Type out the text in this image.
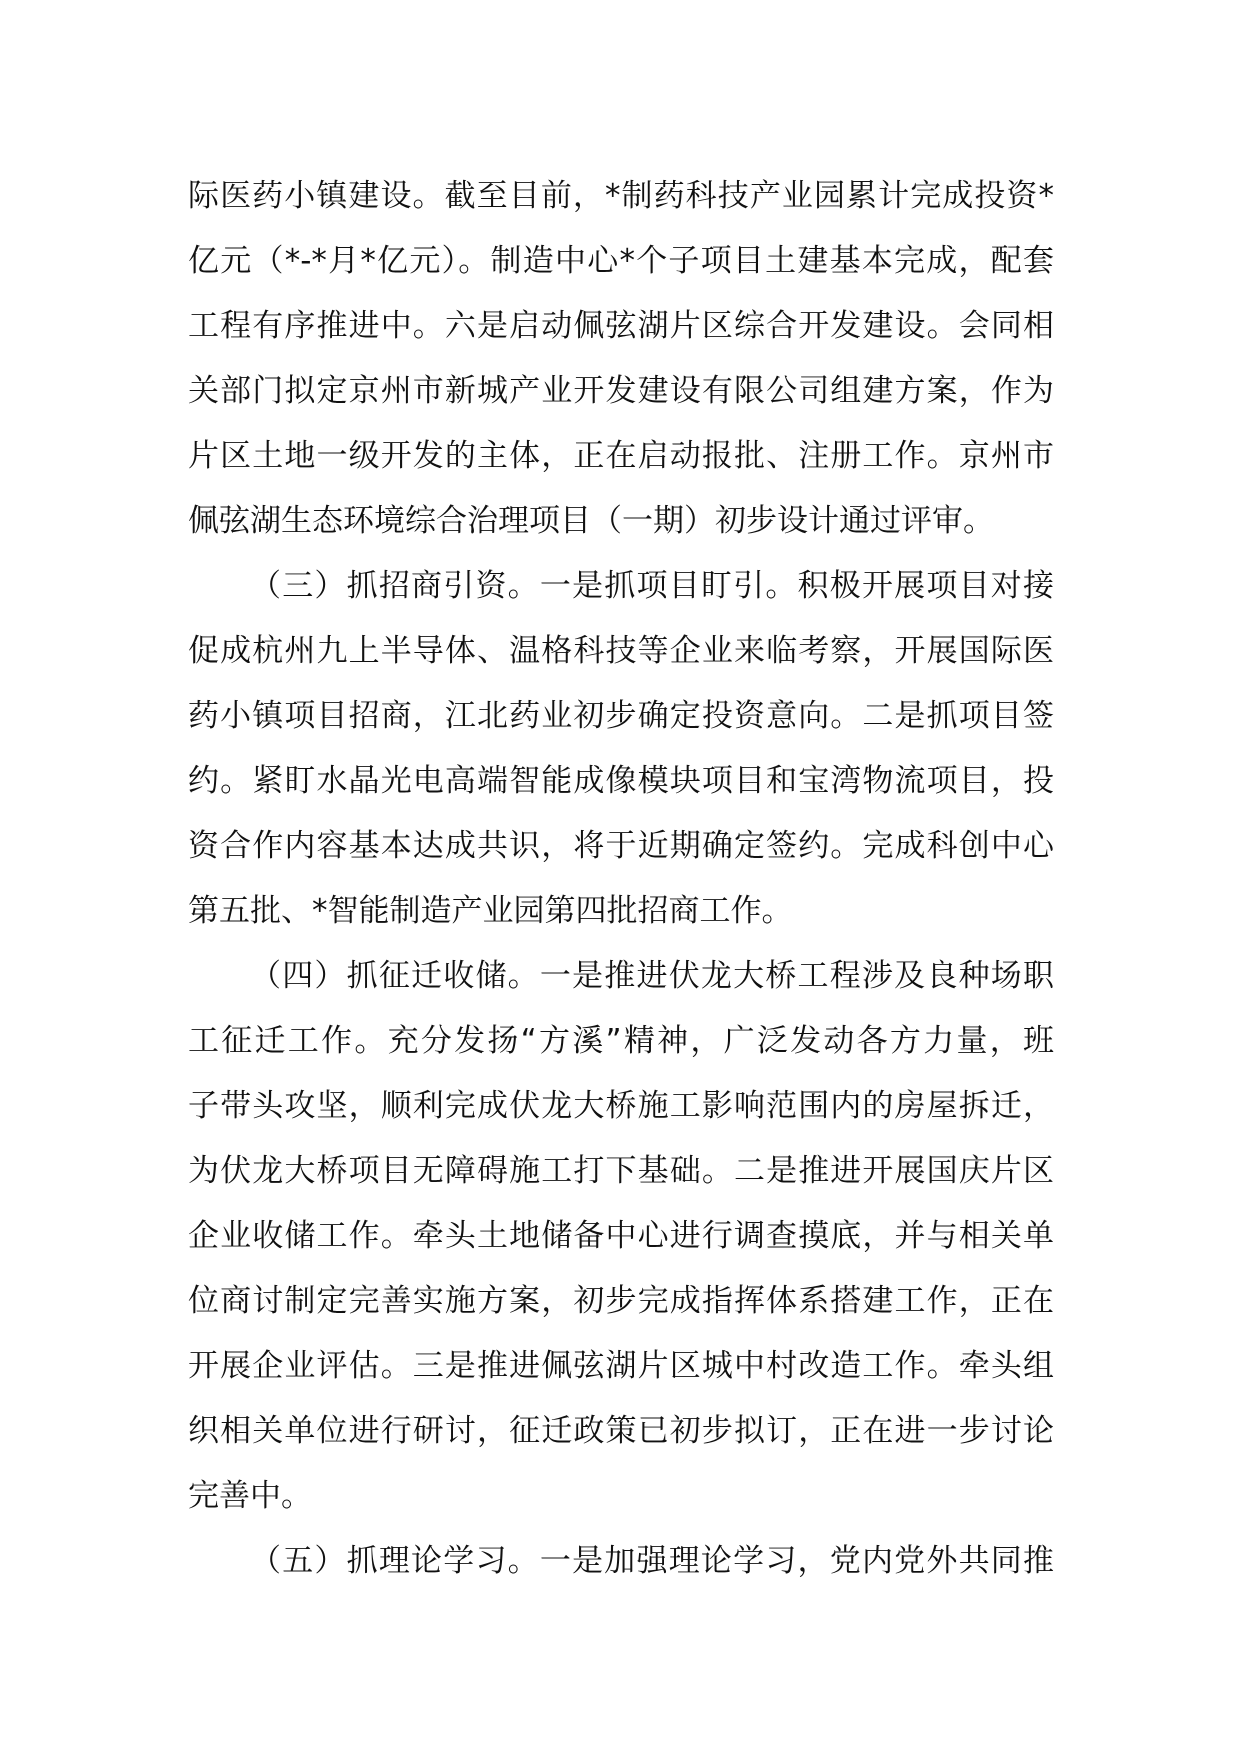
际医药小镇建设。截至目前，*制药科技产业园累计完成投资*
亿元（*-*月*亿元）。制造中心*个子项目土建基本完成，配套
工程有序推进中。六是启动佩弦湖片区综合开发建设。会同相
关部门拟定京州市新城产业开发建设有限公司组建方案，作为
片区土地一级开发的主体，正在启动报批、注册工作。京州市
佩弦湖生态环境综合治理项目（一期）初步设计通过评审。
（三）抓招商引资。一是抓项目盯引。积极开展项目对接
促成杭州九上半导体、温格科技等企业来临考察，开展国际医
药小镇项目招商，江北药业初步确定投资意向。二是抓项目签
约。紧盯水晶光电高端智能成像模块项目和宝湾物流项目，投
资合作内容基本达成共识，将于近期确定签约。完成科创中心
第五批、*智能制造产业园第四批招商工作。
（四）抓征迁收储。一是推进伏龙大桥工程涉及良种场职
工征迁工作。充分发扬“方溪”精神，广泛发动各方力量，班
子带头攻坚，顺利完成伏龙大桥施工影响范围内的房屋拆迁，
为伏龙大桥项目无障碍施工打下基础。二是推进开展国庆片区
企业收储工作。牵头土地储备中心进行调查摸底，并与相关单
位商讨制定完善实施方案，初步完成指挥体系搭建工作，正在
开展企业评估。三是推进佩弦湖片区城中村改造工作。牵头组
织相关单位进行研讨，征迁政策已初步拟订，正在进一步讨论
完善中。
（五）抓理论学习。一是加强理论学习，党内党外共同推
